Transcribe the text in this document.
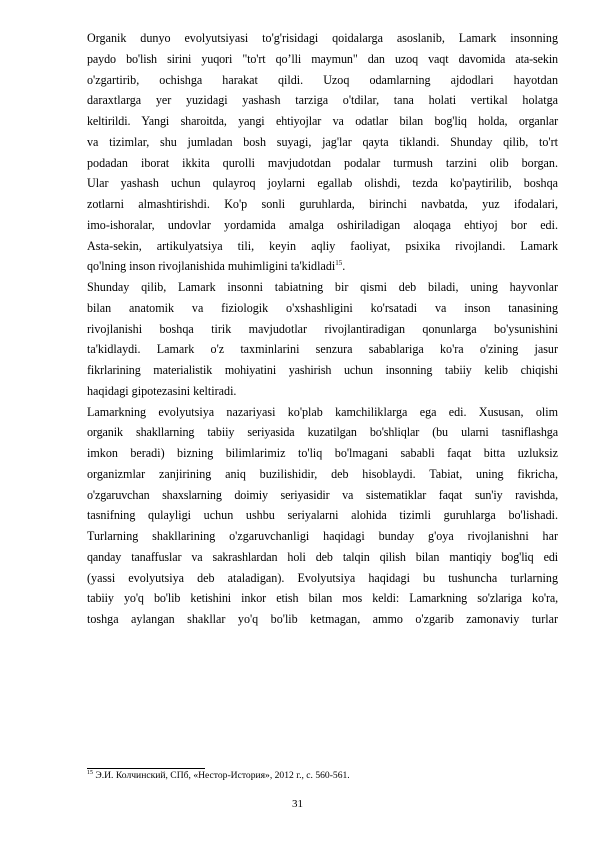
Organik dunyo evolyutsiyasi to'g'risidagi qoidalarga asoslanib, Lamark insonning
paydo bo'lish sirini yuqori "to'rt qo’lli maymun" dan uzoq vaqt davomida ata-sekin
o'zgartirib, ochishga harakat qildi. Uzoq odamlarning ajdodlari hayotdan
daraxtlarga yer yuzidagi yashash tarziga o'tdilar, tana holati vertikal holatga
keltirildi. Yangi sharoitda, yangi ehtiyojlar va odatlar bilan bog'liq holda, organlar
va tizimlar, shu jumladan bosh suyagi, jag'lar qayta tiklandi. Shunday qilib, to'rt
podadan iborat ikkita qurolli mavjudotdan podalar turmush tarzini olib borgan.
Ular yashash uchun qulayroq joylarni egallab olishdi, tezda ko'paytirilib, boshqa
zotlarni almashtirishdi. Ko'p sonli guruhlarda, birinchi navbatda, yuz ifodalari,
imo-ishoralar, undovlar yordamida amalga oshiriladigan aloqaga ehtiyoj bor edi.
Asta-sekin, artikulyatsiya tili, keyin aqliy faoliyat, psixika rivojlandi. Lamark
qo'lning inson rivojlanishida muhimligini ta'kidladi$^{15}$.
Shunday qilib, Lamark insonni tabiatning bir qismi deb biladi, uning hayvonlar
bilan anatomik va fiziologik o'xshashligini ko'rsatadi va inson tanasining
rivojlanishi boshqa tirik mavjudotlar rivojlantiradigan qonunlarga bo'ysunishini
ta'kidlaydi. Lamark o'z taxminlarini senzura sabablariga ko'ra o'zining jasur
fikrlarining materialistik mohiyatini yashirish uchun insonning tabiiy kelib chiqishi
haqidagi gipotezasini keltiradi.
Lamarkning evolyutsiya nazariyasi ko'plab kamchiliklarga ega edi. Xususan, olim
organik shakllarning tabiiy seriyasida kuzatilgan bo'shliqlar (bu ularni tasniflashga
imkon beradi) bizning bilimlarimiz to'liq bo'lmagani sababli faqat bitta uzluksiz
organizmlar zanjirining aniq buzilishidir, deb hisoblaydi. Tabiat, uning fikricha,
o'zgaruvchan shaxslarning doimiy seriyasidir va sistematiklar faqat sun'iy ravishda,
tasnifning qulayligi uchun ushbu seriyalarni alohida tizimli guruhlarga bo'lishadi.
Turlarning shakllarining o'zgaruvchanligi haqidagi bunday g'oya rivojlanishni har
qanday tanaffuslar va sakrashlardan holi deb talqin qilish bilan mantiqiy bog'liq edi
(yassi evolyutsiya deb ataladigan). Evolyutsiya haqidagi bu tushuncha turlarning
tabiiy yo'q bo'lib ketishini inkor etish bilan mos keldi: Lamarkning so'zlariga ko'ra,
toshga aylangan shakllar yo'q bo'lib ketmagan, ammo o'zgarib zamonaviy turlar
$^{15}$ Э.И. Колчинский, СПб, «Нестор-История», 2012 г., с. 560-561.
31
